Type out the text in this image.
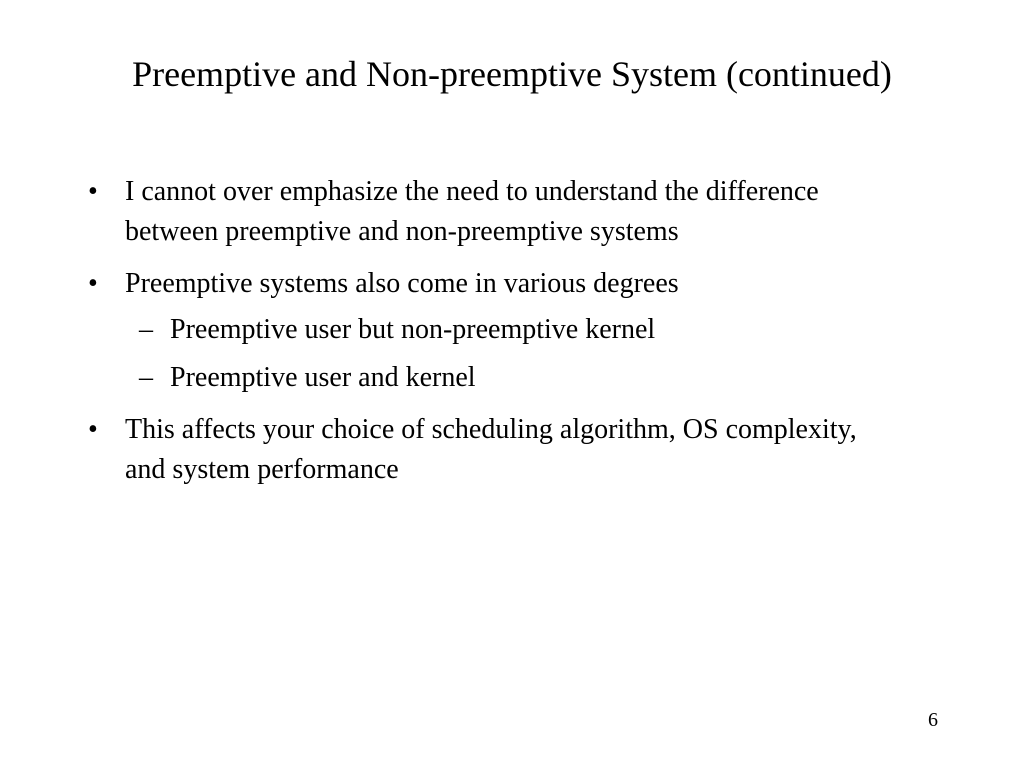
Preemptive and Non-preemptive System (continued)
• I cannot over emphasize the need to understand the difference between preemptive and non-preemptive systems
• Preemptive systems also come in various degrees
– Preemptive user but non-preemptive kernel
– Preemptive user and kernel
• This affects your choice of scheduling algorithm, OS complexity, and system performance
6
